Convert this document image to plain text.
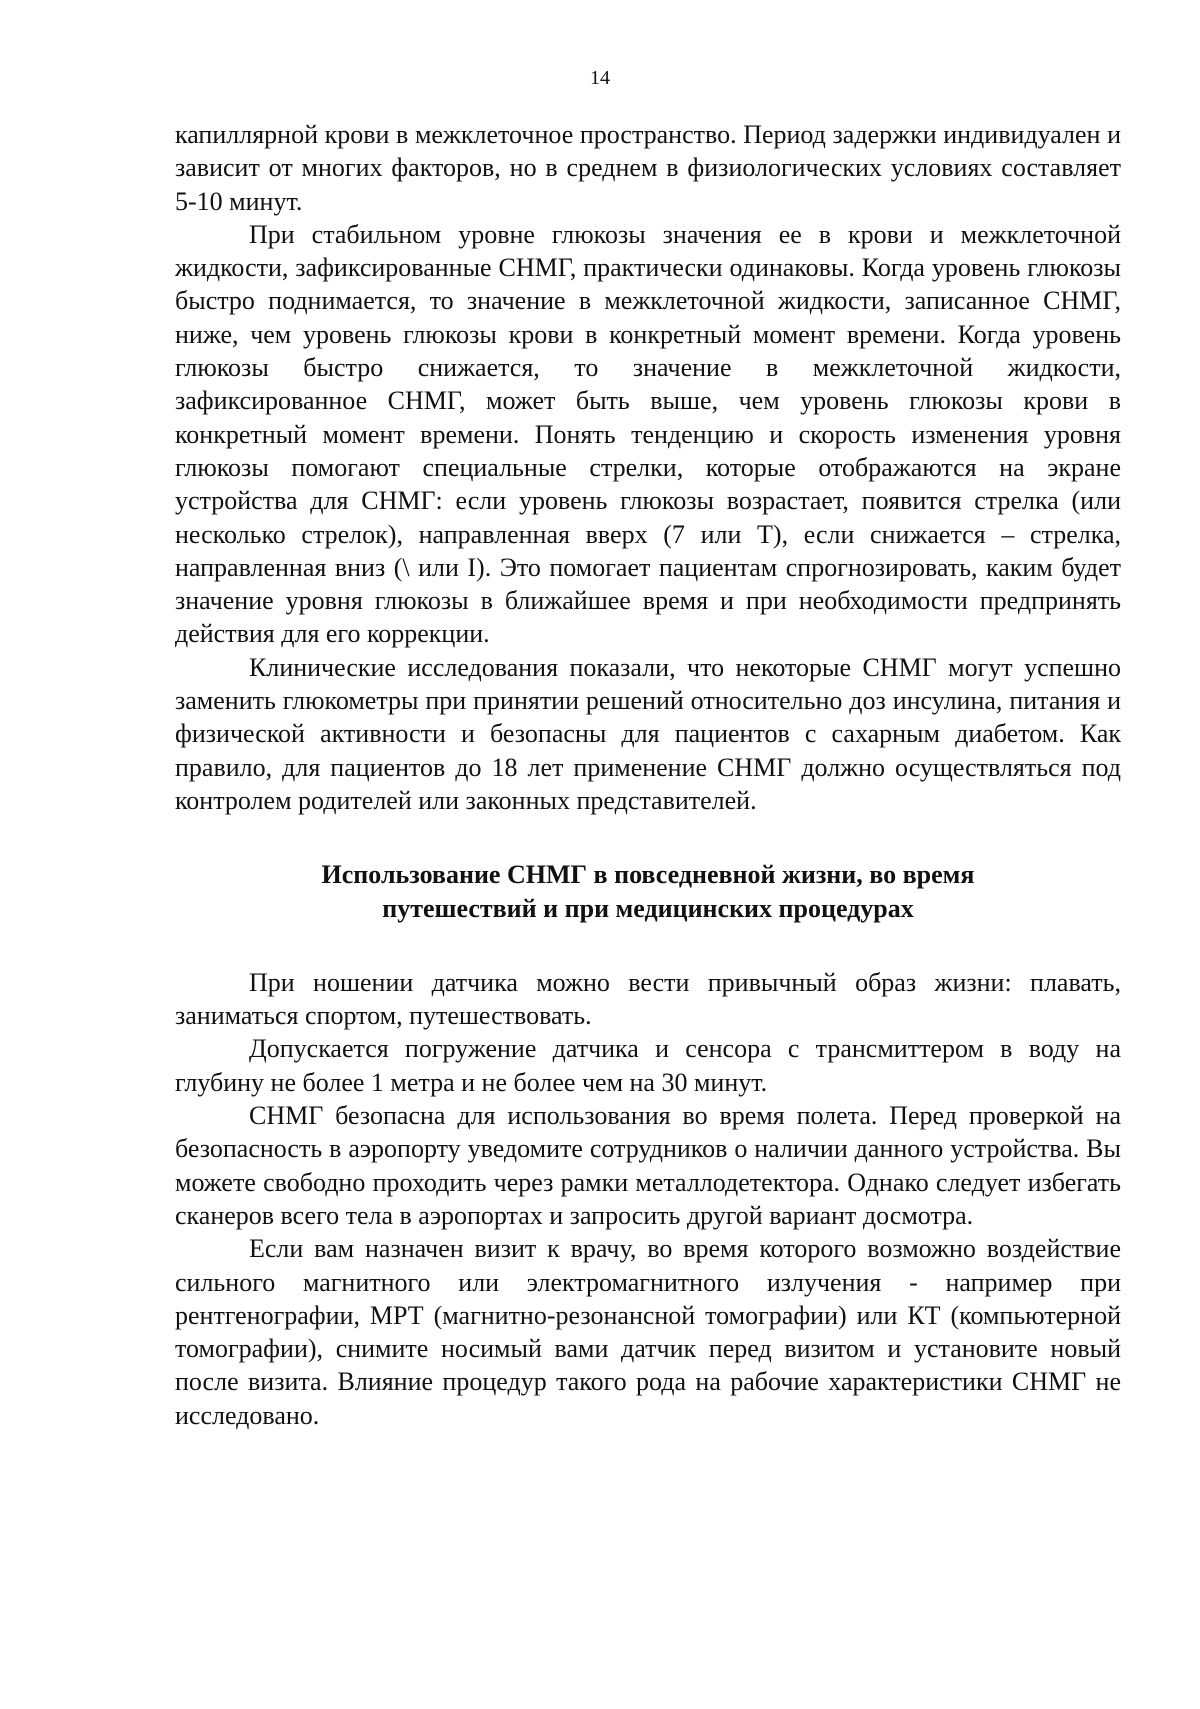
14

капиллярной крови в межклеточное пространство. Период задержки индивидуален и зависит от многих факторов, но в среднем в физиологических условиях составляет 5-10 минут.

При стабильном уровне глюкозы значения ее в крови и межклеточной жидкости, зафиксированные СНМГ, практически одинаковы. Когда уровень глюкозы быстро поднимается, то значение в межклеточной жидкости, записанное СНМГ, ниже, чем уровень глюкозы крови в конкретный момент времени. Когда уровень глюкозы быстро снижается, то значение в межклеточной жидкости, зафиксированное СНМГ, может быть выше, чем уровень глюкозы крови в конкретный момент времени. Понять тенденцию и скорость изменения уровня глюкозы помогают специальные стрелки, которые отображаются на экране устройства для СНМГ: если уровень глюкозы возрастает, появится стрелка (или несколько стрелок), направленная вверх (7 или T), если снижается – стрелка, направленная вниз (\ или I). Это помогает пациентам спрогнозировать, каким будет значение уровня глюкозы в ближайшее время и при необходимости предпринять действия для его коррекции.

Клинические исследования показали, что некоторые СНМГ могут успешно заменить глюкометры при принятии решений относительно доз инсулина, питания и физической активности и безопасны для пациентов с сахарным диабетом. Как правило, для пациентов до 18 лет применение СНМГ должно осуществляться под контролем родителей или законных представителей.

Использование СНМГ в повседневной жизни, во время
путешествий и при медицинских процедурах

При ношении датчика можно вести привычный образ жизни: плавать, заниматься спортом, путешествовать.

Допускается погружение датчика и сенсора с трансмиттером в воду на глубину не более 1 метра и не более чем на 30 минут.

СНМГ безопасна для использования во время полета. Перед проверкой на безопасность в аэропорту уведомите сотрудников о наличии данного устройства. Вы можете свободно проходить через рамки металлодетектора. Однако следует избегать сканеров всего тела в аэропортах и запросить другой вариант досмотра.

Если вам назначен визит к врачу, во время которого возможно воздействие сильного магнитного или электромагнитного излучения - например при рентгенографии, МРТ (магнитно-резонансной томографии) или КТ (компьютерной томографии), снимите носимый вами датчик перед визитом и установите новый после визита. Влияние процедур такого рода на рабочие характеристики СНМГ не исследовано.
